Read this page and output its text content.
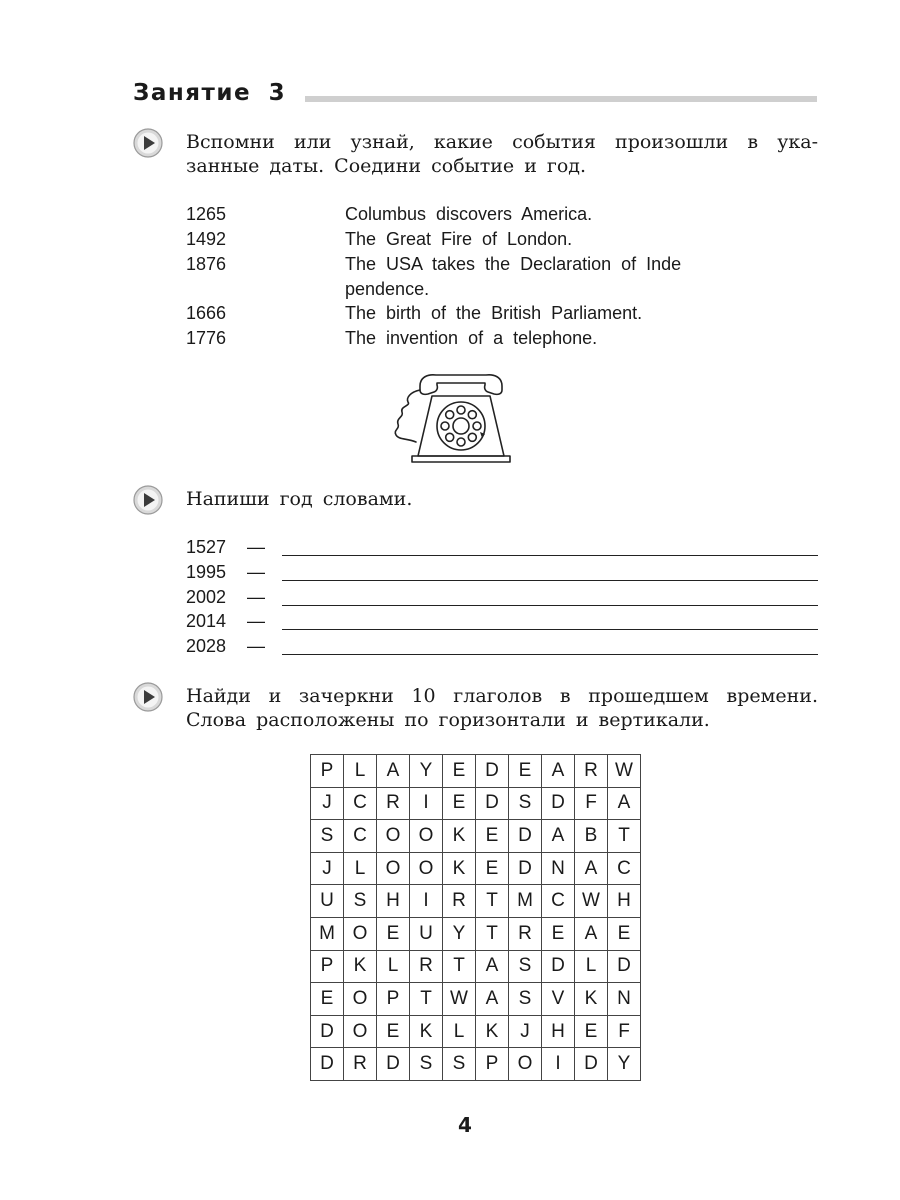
Занятие 3
Вспомни или узнай, какие события произошли в указанные даты. Соедини событие и год.
1265	Columbus discovers America.
1492	The Great Fire of London.
1876	The USA takes the Declaration of Inde pendence.
1666	The birth of the British Parliament.
1776	The invention of a telephone.
Напиши год словами.
1527 —
1995 —
2002 —
2014 —
2028 —
Найди и зачеркни 10 глаголов в прошедшем времени. Слова расположены по горизонтали и вертикали.
P	L	A	Y	E	D	E	A	R	W
J	C	R	I	E	D	S	D	F	A
S	C	O	O	K	E	D	A	B	T
J	L	O	O	K	E	D	N	A	C
U	S	H	I	R	T	M	C	W	H
M	O	E	U	Y	T	R	E	A	E
P	K	L	R	T	A	S	D	L	D
E	O	P	T	W	A	S	V	K	N
D	O	E	K	L	K	J	H	E	F
D	R	D	S	S	P	O	I	D	Y
4
